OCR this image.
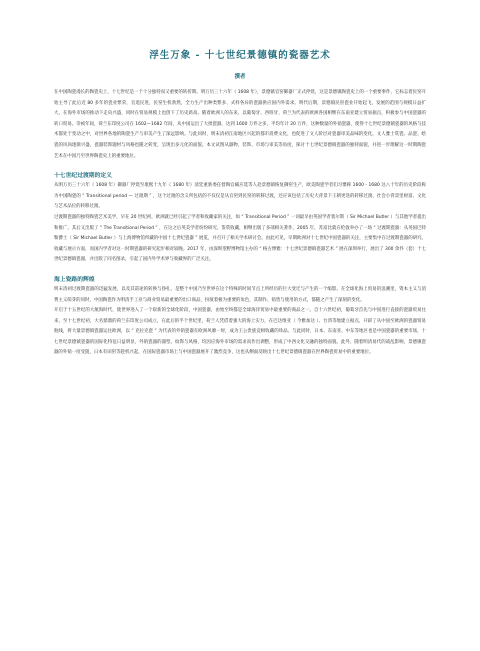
浮生万象 - 十七世纪景德镇的瓷器艺术
撰者

在中国陶瓷漫长的陶瓷史上，十七世纪是一个十分独特而又重要的转折期。明万历三十六年（ 1608 年），景德镇官窑御器厂正式停烧，这是景德镇陶瓷史上的一个重要事件，它标志着民窑开始主导了此后近 80 多年的瓷业繁荣，官退民进，民窑生机勃然，全力生产出种类繁多、式样各异的瓷器供应国内外需求。明代后期，景德镇民窑瓷业开始起飞，发展的范围与规模日益扩大，在海外市场的推动下走向兴盛，同时在贸易规模上也创下了历史新高。随着欧洲人的东来，以葡萄牙、西班牙、荷兰为代表的欧洲各国相继在东南亚建立贸易据点，积极参与中国瓷器的转口贸易。崇祯年间，荷兰东印度公司在 1602—1682 年间，从中国运出了大批瓷器，达到 1600 万件之多，平均年计 20 万件，这种数量的外销瓷器，使得十七世纪景德镇瓷器的风格与技术都处于变动之中，对世界各地的陶瓷生产与审美产生了深远影响。与此同时，明末清初江南地区兴起的都市消费文化，也促进了文人阶层对瓷器审美品味的变化。文人雅士赏瓷、品瓷、绘瓷的风尚逐渐兴盛，瓷器装饰题材与风格也随之转变，呈现出多元化的面貌。本文试图从器物、装饰、市场与审美等角度，探讨十七世纪景德镇瓷器的独特面貌，并进一步理解这一时期陶瓷艺术在中国乃至世界陶瓷史上的重要地位。

十七世纪过渡期的定义

从明万历三十六年（ 1608 年）御器厂停烧至康熙十九年（ 1680 年）清廷重新委任督陶官臧应选等人赴景德镇恢复御窑生产，欧美陶瓷学者们习惯称 1600 - 1680 这八十年的历史阶段称为中国陶瓷的 “ Transitional period — 过渡期 ” ，这个过渡的含义所包括的不仅仅是从官窑到民窑的转移过渡，还应该包括了历史大背景下王朝更迭的转移过渡、社会小背景里财富、文化与艺术品位的转移过渡。

过渡期瓷器的独特陶瓷艺术美学，早在 20 世纪初，欧洲就已经引起了学者和收藏家的关注，如 “ Transitional Period ” 一词最早由英国学者裴尔斯（ Sir Michael Butler ）与其他学者提出和推广，其后又出版了 “ The Transitional Period ” ，在这之后英美学者纷纷研究、鉴赏收藏，相继出版了多部相关著作，2005 年，苏富比就在伦敦举办了一场 “ 过渡期瓷器：从英国巴特勒爵士（ Sir Michael Butler ）与上海博物馆所藏的中国十七世纪瓷器 ” 展览，并召开了相关学术研讨会。由此可见，早期欧洲对十七世纪中国瓷器的关注，主要集中在过渡期瓷器的研究、收藏与展示方面，而国内学者对这一时期瓷器的研究起步相对较晚。2017 年，由深圳望野博物馆主办的 “ 格古博雅：十七世纪景德镇瓷器艺术 ” 展在深圳举行，展出了 300 余件（套）十七世纪景德镇瓷器，并出版了同名图录，引起了国内外学术界与收藏界的广泛关注。

海上瓷路的辉煌

明末清初过渡期瓷器的迅猛发展，以及其前途的转换与挣扎，是整个中国乃至世界在这个特殊的时间节点上所经历的巨大变迁与产生的一个缩影。在全球化海上贸易的浪潮里，资本主义与消费主义萌芽的同时，中国陶瓷作为明清手工业与商业贸易最重要的出口商品，扮演着极为重要的角色，其制作、销售与使用的方式，都随之产生了深刻的变化。

开启于十五世纪的大航海时代，使世界进入了一个崭新的全球化阶段，中国瓷器，由始至终都是全球海洋贸易中最重要的商品之一。自十六世纪初，葡萄牙首先与中国进行直接的瓷器贸易往来，至十七世纪初，大名鼎鼎的荷兰东印度公司成立，在此后的半个世纪里，荷兰人凭借着强大的海上实力，在巴达维亚（ 今雅加达 ）、台湾等地建立据点，开辟了从中国至欧洲的瓷器贸易航线，将大量景德镇瓷器运往欧洲，以 “ 克拉克瓷 ” 为代表的外销瓷器在欧洲风靡一时，成为王公贵族竞相收藏的珍品。与此同时，日本、东南亚、中东等地区也是中国瓷器的重要市场，十七世纪景德镇瓷器的国际化特征日益明显，外销瓷器的器型、纹饰与风格，均因应海外市场的需求而作出调整，形成了中西文化交融的独特面貌。此外，随着明清易代的战乱影响，景德镇瓷器的外销一度受阻，日本有田窑等趁机兴起，在国际瓷器市场上与中国瓷器展开了激烈竞争，这也从侧面反映出十七世纪景德镇瓷器在世界陶瓷贸易中的重要地位。
